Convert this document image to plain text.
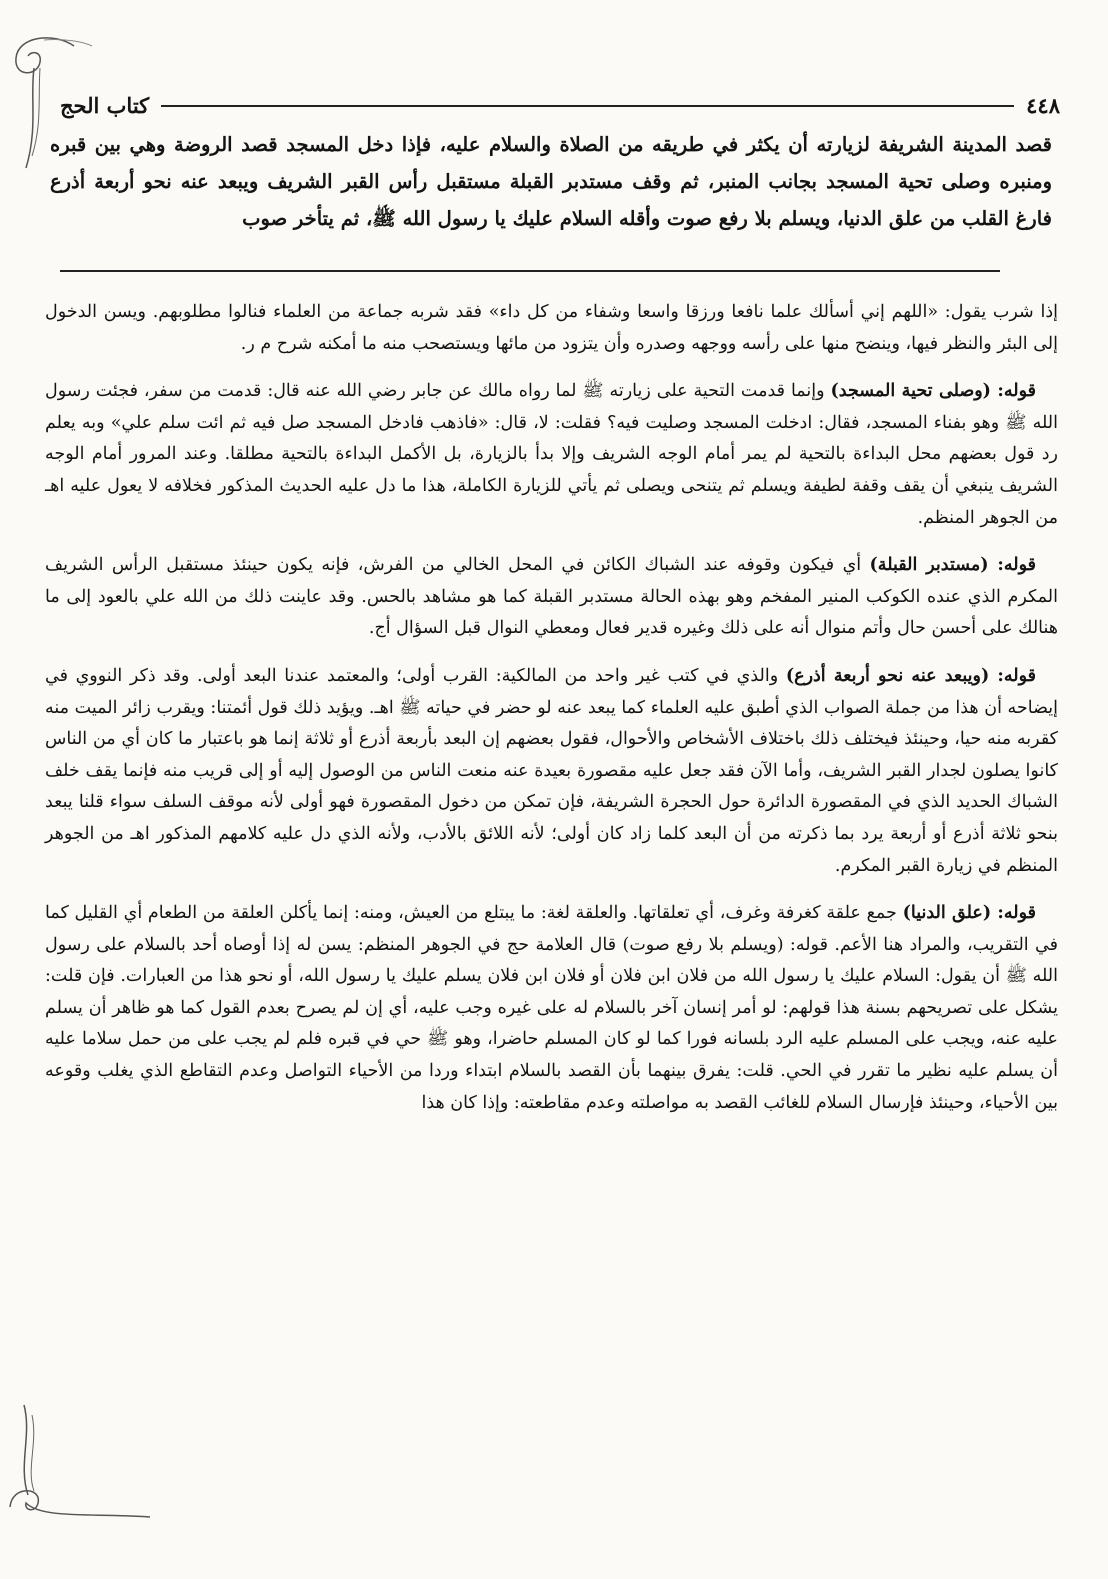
كتاب الحج	٤٤٨
قصد المدينة الشريفة لزيارته أن يكثر في طريقه من الصلاة والسلام عليه، فإذا دخل المسجد قصد الروضة وهي بين قبره ومنبره وصلى تحية المسجد بجانب المنبر، ثم وقف مستدبر القبلة مستقبل رأس القبر الشريف ويبعد عنه نحو أربعة أذرع فارغ القلب من علق الدنيا، ويسلم بلا رفع صوت وأقله السلام عليك يا رسول الله ﷺ، ثم يتأخر صوب

إذا شرب يقول: «اللهم إني أسألك علما نافعا ورزقا واسعا وشفاء من كل داء» فقد شربه جماعة من العلماء فنالوا مطلوبهم. ويسن الدخول إلى البئر والنظر فيها، وينضح منها على رأسه ووجهه وصدره وأن يتزود من مائها ويستصحب منه ما أمكنه شرح م ر.

قوله: (وصلى تحية المسجد) وإنما قدمت التحية على زيارته ﷺ لما رواه مالك عن جابر رضي الله عنه قال: قدمت من سفر، فجئت رسول الله ﷺ وهو بفناء المسجد، فقال: ادخلت المسجد وصليت فيه؟ فقلت: لا، قال: «فاذهب فادخل المسجد صل فيه ثم ائت سلم علي» وبه يعلم رد قول بعضهم محل البداءة بالتحية لم يمر أمام الوجه الشريف وإلا بدأ بالزيارة، بل الأكمل البداءة بالتحية مطلقا. وعند المرور أمام الوجه الشريف ينبغي أن يقف وقفة لطيفة ويسلم ثم يتنحى ويصلى ثم يأتي للزيارة الكاملة، هذا ما دل عليه الحديث المذكور فخلافه لا يعول عليه اهـ من الجوهر المنظم.

قوله: (مستدبر القبلة) أي فيكون وقوفه عند الشباك الكائن في المحل الخالي من الفرش، فإنه يكون حينئذ مستقبل الرأس الشريف المكرم الذي عنده الكوكب المنير المفخم وهو بهذه الحالة مستدبر القبلة كما هو مشاهد بالحس. وقد عاينت ذلك من الله علي بالعود إلى ما هنالك على أحسن حال وأتم منوال أنه على ذلك وغيره قدير فعال ومعطي النوال قبل السؤال أج.

قوله: (ويبعد عنه نحو أربعة أذرع) والذي في كتب غير واحد من المالكية: القرب أولى؛ والمعتمد عندنا البعد أولى. وقد ذكر النووي في إيضاحه أن هذا من جملة الصواب الذي أطبق عليه العلماء كما يبعد عنه لو حضر في حياته ﷺ اهـ. ويؤيد ذلك قول أئمتنا: ويقرب زائر الميت منه كقربه منه حيا، وحينئذ فيختلف ذلك باختلاف الأشخاص والأحوال، فقول بعضهم إن البعد بأربعة أذرع أو ثلاثة إنما هو باعتبار ما كان أي من الناس كانوا يصلون لجدار القبر الشريف، وأما الآن فقد جعل عليه مقصورة بعيدة عنه منعت الناس من الوصول إليه أو إلى قريب منه فإنما يقف خلف الشباك الحديد الذي في المقصورة الدائرة حول الحجرة الشريفة، فإن تمكن من دخول المقصورة فهو أولى لأنه موقف السلف سواء قلنا يبعد بنحو ثلاثة أذرع أو أربعة يرد بما ذكرته من أن البعد كلما زاد كان أولى؛ لأنه اللائق بالأدب، ولأنه الذي دل عليه كلامهم المذكور اهـ من الجوهر المنظم في زيارة القبر المكرم.

قوله: (علق الدنيا) جمع علقة كغرفة وغرف، أي تعلقاتها. والعلقة لغة: ما يبتلع من العيش، ومنه: إنما يأكلن العلقة من الطعام أي القليل كما في التقريب، والمراد هنا الأعم. قوله: (ويسلم بلا رفع صوت) قال العلامة حج في الجوهر المنظم: يسن له إذا أوصاه أحد بالسلام على رسول الله ﷺ أن يقول: السلام عليك يا رسول الله من فلان ابن فلان أو فلان ابن فلان يسلم عليك يا رسول الله، أو نحو هذا من العبارات. فإن قلت: يشكل على تصريحهم بسنة هذا قولهم: لو أمر إنسان آخر بالسلام له على غيره وجب عليه، أي إن لم يصرح بعدم القول كما هو ظاهر أن يسلم عليه عنه، ويجب على المسلم عليه الرد بلسانه فورا كما لو كان المسلم حاضرا، وهو ﷺ حي في قبره فلم لم يجب على من حمل سلاما عليه أن يسلم عليه نظير ما تقرر في الحي. قلت: يفرق بينهما بأن القصد بالسلام ابتداء وردا من الأحياء التواصل وعدم التقاطع الذي يغلب وقوعه بين الأحياء، وحينئذ فإرسال السلام للغائب القصد به مواصلته وعدم مقاطعته: وإذا كان هذا
